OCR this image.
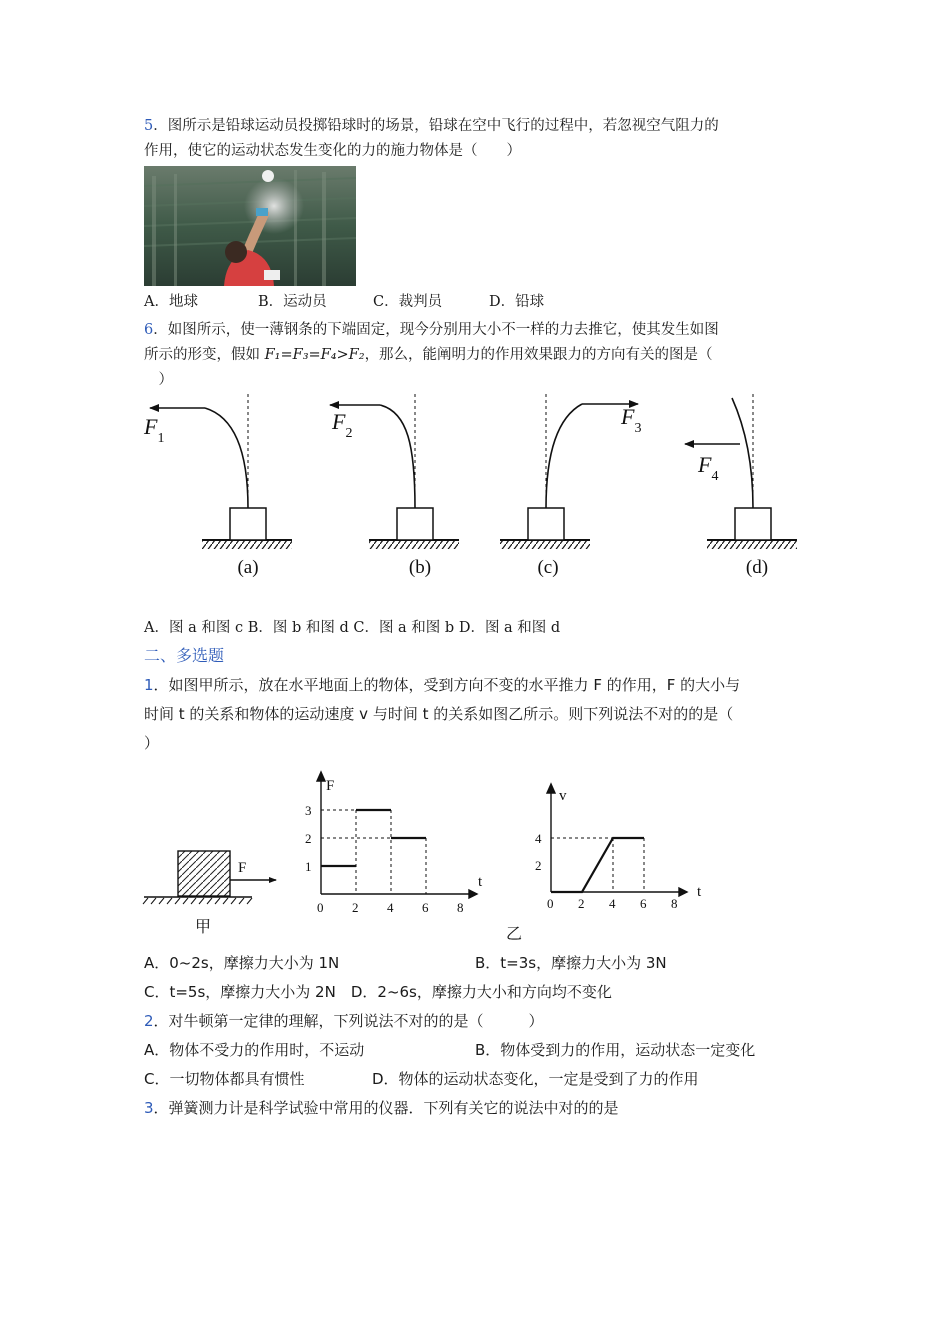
5．图所示是铅球运动员投掷铅球时的场景，铅球在空中飞行的过程中，若忽视空气阻力的
作用，使它的运动状态发生变化的力的施力物体是（　　）
A．地球	B．运动员	C．裁判员	D．铅球
6．如图所示，使一薄钢条的下端固定，现今分别用大小不一样的力去推它，使其发生如图
所示的形变，假如 F₁=F₃=F₄>F₂，那么，能阐明力的作用效果跟力的方向有关的图是（
　）
$F_1$
$F_2$
$F_3$
$F_4$
(a)	(b)	(c)	(d)
A．图 a 和图 c B．图 b 和图 d C．图 a 和图 b D．图 a 和图 d
二、多选题
1．如图甲所示，放在水平地面上的物体，受到方向不变的水平推力 F 的作用，F 的大小与
时间 t 的关系和物体的运动速度 v 与时间 t 的关系如图乙所示。则下列说法不对的的是（
）
F
甲
F
t
0 2 4 6 8
1
2
3
v
t
0 2 4 6 8
2
4
乙
A．0~2s，摩擦力大小为 1N	B．t=3s，摩擦力大小为 3N
C．t=5s，摩擦力大小为 2N　 D．2~6s，摩擦力大小和方向均不变化
2．对牛顿第一定律的理解，下列说法不对的的是（　　　）
A．物体不受力的作用时，不运动	B．物体受到力的作用，运动状态一定变化
C．一切物体都具有惯性	D．物体的运动状态变化，一定是受到了力的作用
3．弹簧测力计是科学试验中常用的仪器．下列有关它的说法中对的的是
